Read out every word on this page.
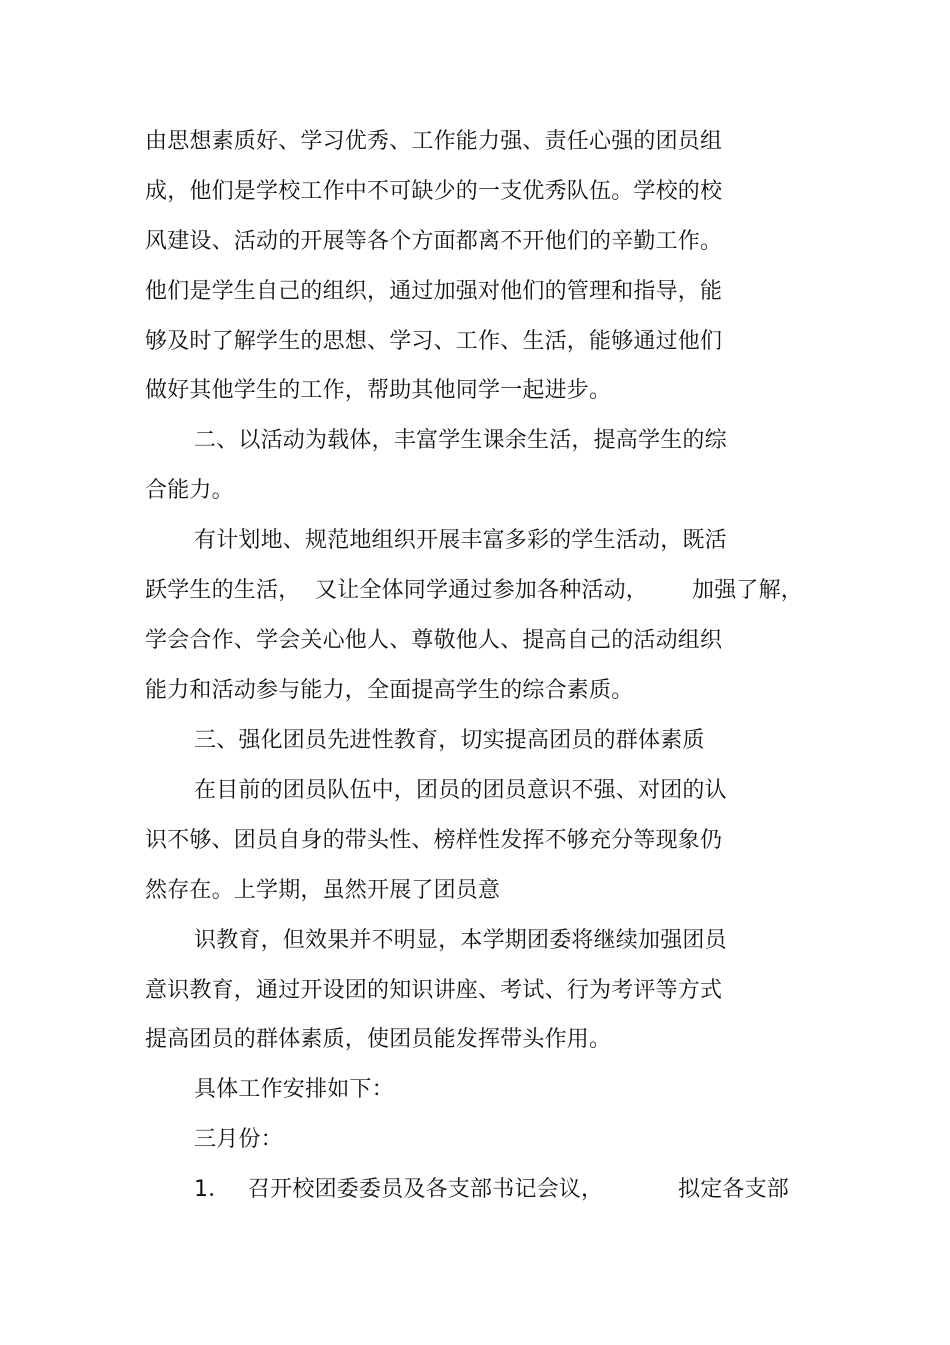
由思想素质好、学习优秀、工作能力强、责任心强的团员组
成，他们是学校工作中不可缺少的一支优秀队伍。学校的校
风建设、活动的开展等各个方面都离不开他们的辛勤工作。
他们是学生自己的组织，通过加强对他们的管理和指导，能
够及时了解学生的思想、学习、工作、生活，能够通过他们
做好其他学生的工作，帮助其他同学一起进步。
二、以活动为载体，丰富学生课余生活，提高学生的综
合能力。
有计划地、规范地组织开展丰富多彩的学生活动，既活
跃学生的生活， 又让全体同学通过参加各种活动， 加强了解，
学会合作、学会关心他人、尊敬他人、提高自己的活动组织
能力和活动参与能力，全面提高学生的综合素质。
三、强化团员先进性教育，切实提高团员的群体素质
在目前的团员队伍中，团员的团员意识不强、对团的认
识不够、团员自身的带头性、榜样性发挥不够充分等现象仍
然存在。上学期，虽然开展了团员意
识教育，但效果并不明显，本学期团委将继续加强团员
意识教育，通过开设团的知识讲座、考试、行为考评等方式
提高团员的群体素质，使团员能发挥带头作用。
具体工作安排如下：
三月份：
1． 召开校团委委员及各支部书记会议，	拟定各支部
